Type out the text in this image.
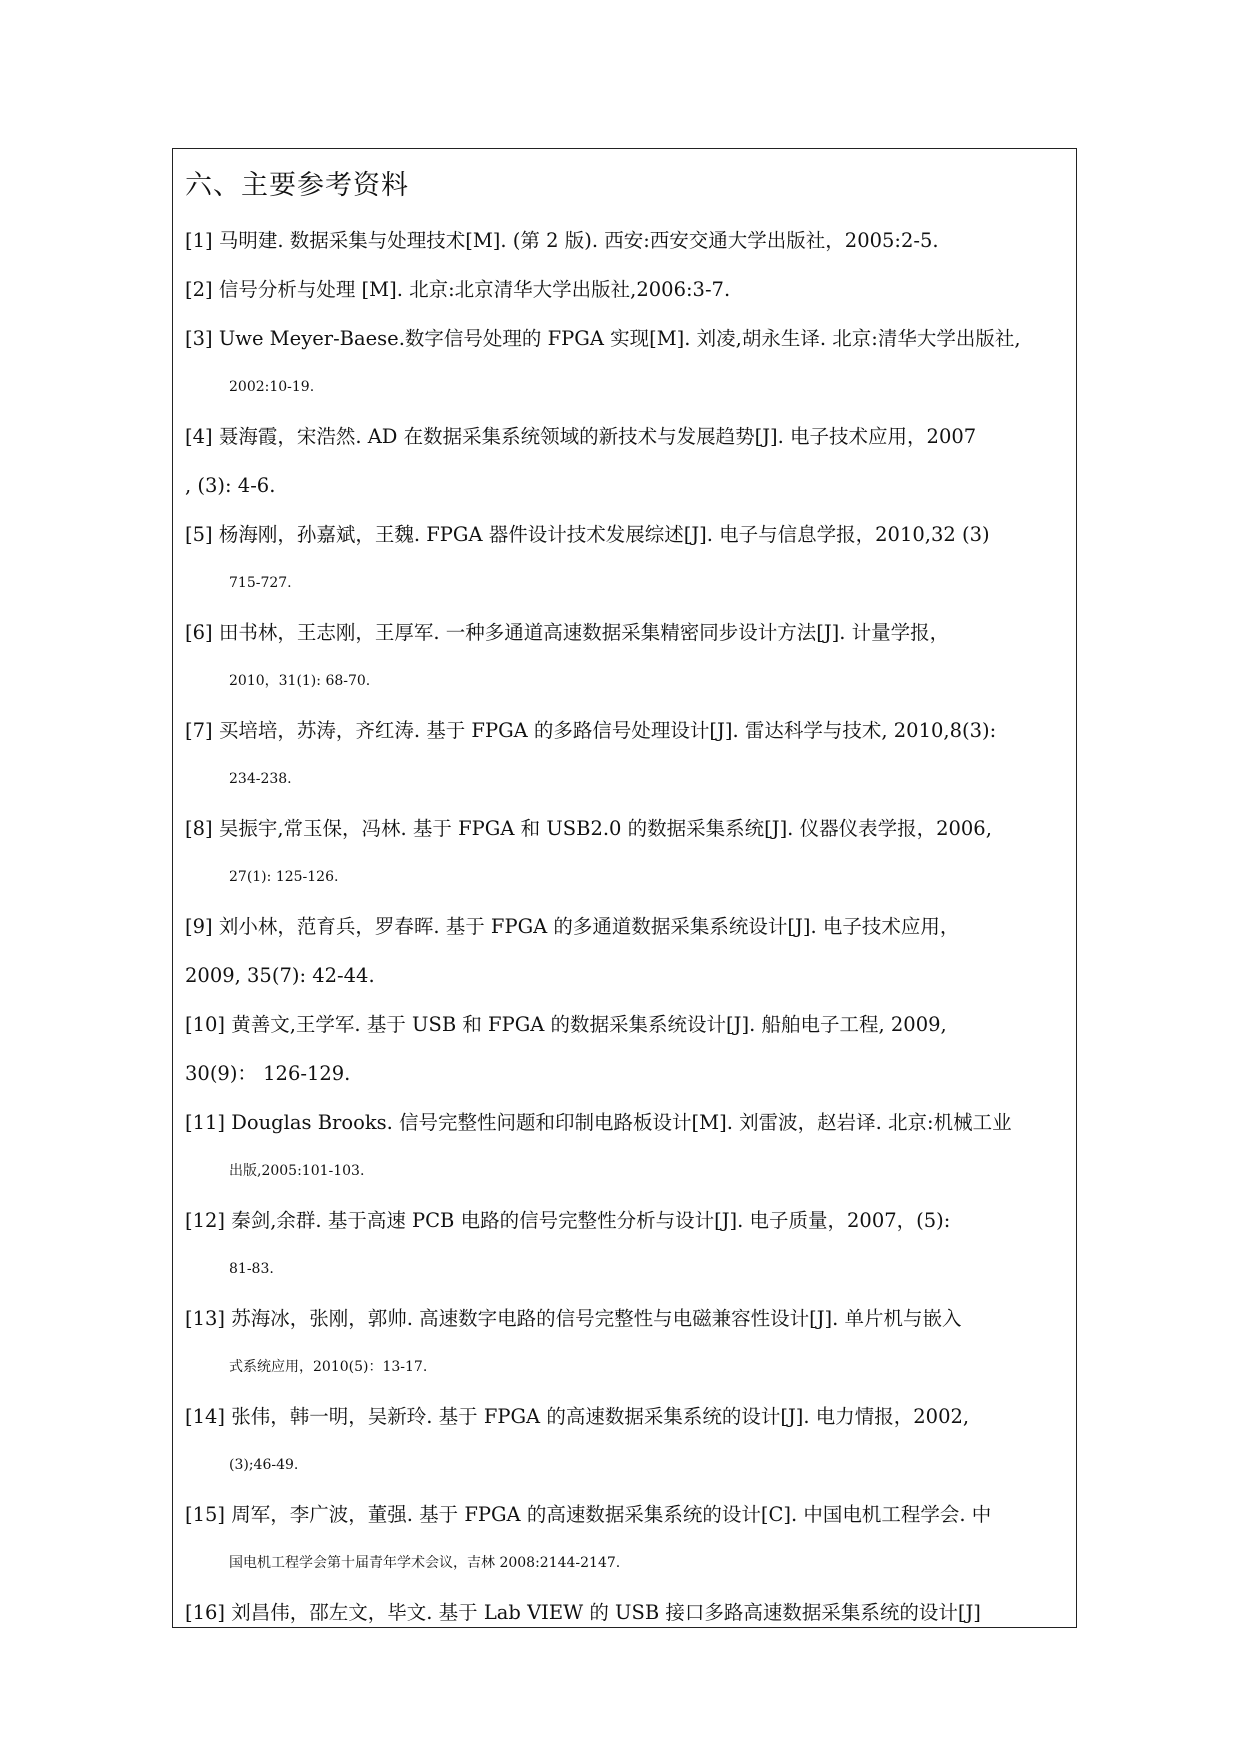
六、主要参考资料
[1] 马明建. 数据采集与处理技术[M]. (第 2 版). 西安:西安交通大学出版社，2005:2-5.
[2] 信号分析与处理 [M]. 北京:北京清华大学出版社,2006:3-7.
[3] Uwe Meyer-Baese.数字信号处理的 FPGA 实现[M]. 刘凌,胡永生译. 北京:清华大学出版社,
2002:10-19.
[4] 聂海霞，宋浩然. AD 在数据采集系统领域的新技术与发展趋势[J]. 电子技术应用，2007
, (3): 4-6.
[5] 杨海刚，孙嘉斌，王魏. FPGA 器件设计技术发展综述[J]. 电子与信息学报，2010,32 (3)
715-727.
[6] 田书林，王志刚，王厚军. 一种多通道高速数据采集精密同步设计方法[J]. 计量学报，
2010，31(1): 68-70.
[7] 买培培，苏涛，齐红涛. 基于 FPGA 的多路信号处理设计[J]. 雷达科学与技术, 2010,8(3):
234-238.
[8] 吴振宇,常玉保，冯林. 基于 FPGA 和 USB2.0 的数据采集系统[J]. 仪器仪表学报，2006,
27(1): 125-126.
[9] 刘小林，范育兵，罗春晖. 基于 FPGA 的多通道数据采集系统设计[J]. 电子技术应用，
2009, 35(7): 42-44.
[10] 黄善文,王学军. 基于 USB 和 FPGA 的数据采集系统设计[J]. 船舶电子工程, 2009,
30(9)： 126-129.
[11] Douglas Brooks. 信号完整性问题和印制电路板设计[M]. 刘雷波，赵岩译. 北京:机械工业
出版,2005:101-103.
[12] 秦剑,余群. 基于高速 PCB 电路的信号完整性分析与设计[J]. 电子质量，2007，(5):
81-83.
[13] 苏海冰，张刚，郭帅. 高速数字电路的信号完整性与电磁兼容性设计[J]. 单片机与嵌入
式系统应用，2010(5)：13-17.
[14] 张伟，韩一明，吴新玲. 基于 FPGA 的高速数据采集系统的设计[J]. 电力情报，2002,
(3);46-49.
[15] 周军，李广波，董强. 基于 FPGA 的高速数据采集系统的设计[C]. 中国电机工程学会. 中
国电机工程学会第十届青年学术会议，吉林 2008:2144-2147.
[16] 刘昌伟，邵左文，毕文. 基于 Lab VIEW 的 USB 接口多路高速数据采集系统的设计[J]
